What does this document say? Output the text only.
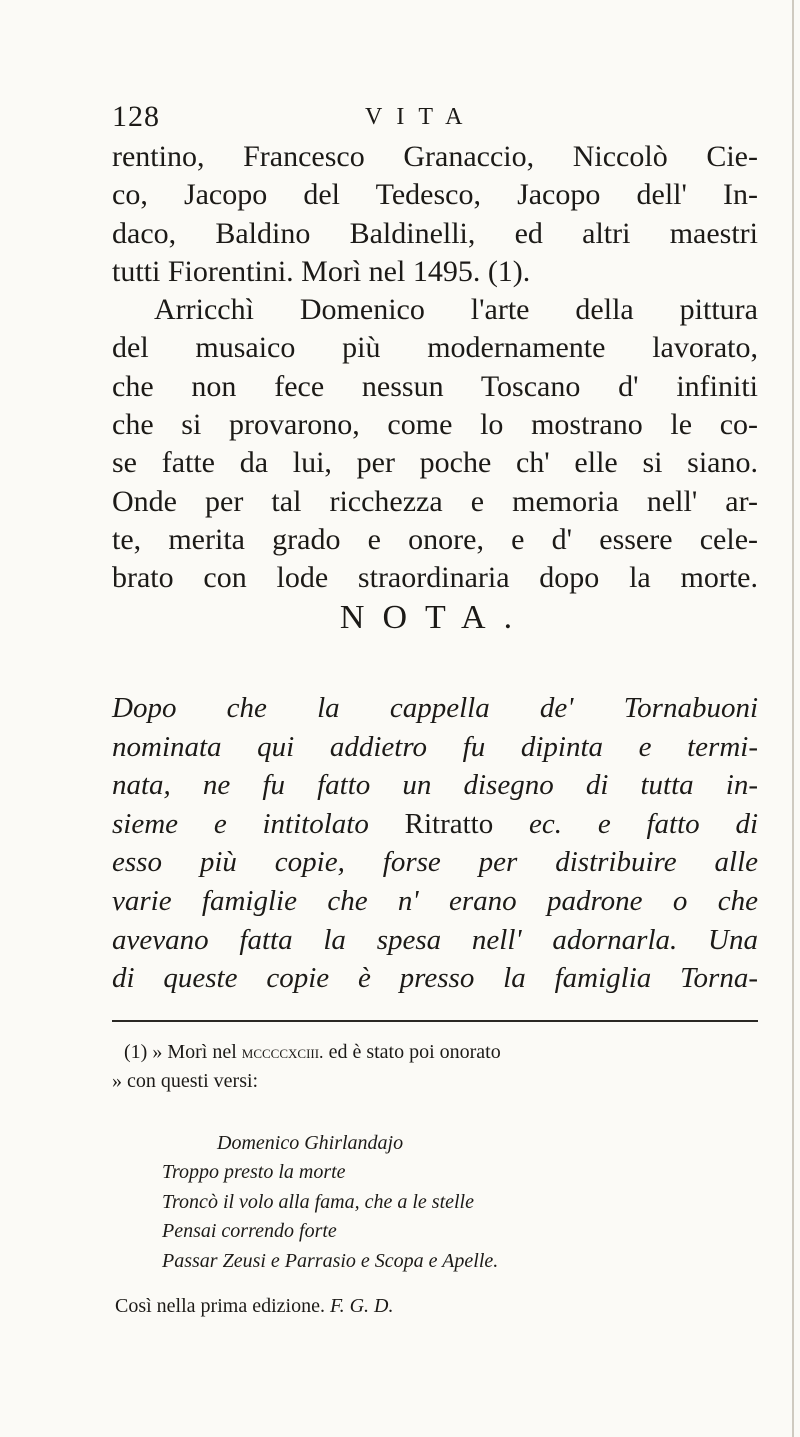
128	VITA
rentino, Francesco Granaccio, Niccolò Cie-
co, Jacopo del Tedesco, Jacopo dell' In-
daco, Baldino Baldinelli, ed altri maestri
tutti Fiorentini. Morì nel 1495. (1).
Arricchì Domenico l'arte della pittura
del musaico più modernamente lavorato,
che non fece nessun Toscano d' infiniti
che si provarono, come lo mostrano le co-
se fatte da lui, per poche ch' elle si siano.
Onde per tal ricchezza e memoria nell' ar-
te, merita grado e onore, e d' essere cele-
brato con lode straordinaria dopo la morte.
NOTA.
Dopo che la cappella de' Tornabuoni
nominata qui addietro fu dipinta e termi-
nata, ne fu fatto un disegno di tutta in-
sieme e intitolato Ritratto ec. e fatto di
esso più copie, forse per distribuire alle
varie famiglie che n' erano padrone o che
avevano fatta la spesa nell' adornarla. Una
di queste copie è presso la famiglia Torna-
(1) » Morì nel mccccxciii. ed è stato poi onorato
» con questi versi:
Domenico Ghirlandajo
Troppo presto la morte
Troncò il volo alla fama, che a le stelle
Pensai correndo forte
Passar Zeusi e Parrasio e Scopa e Apelle.
Così nella prima edizione. F. G. D.
